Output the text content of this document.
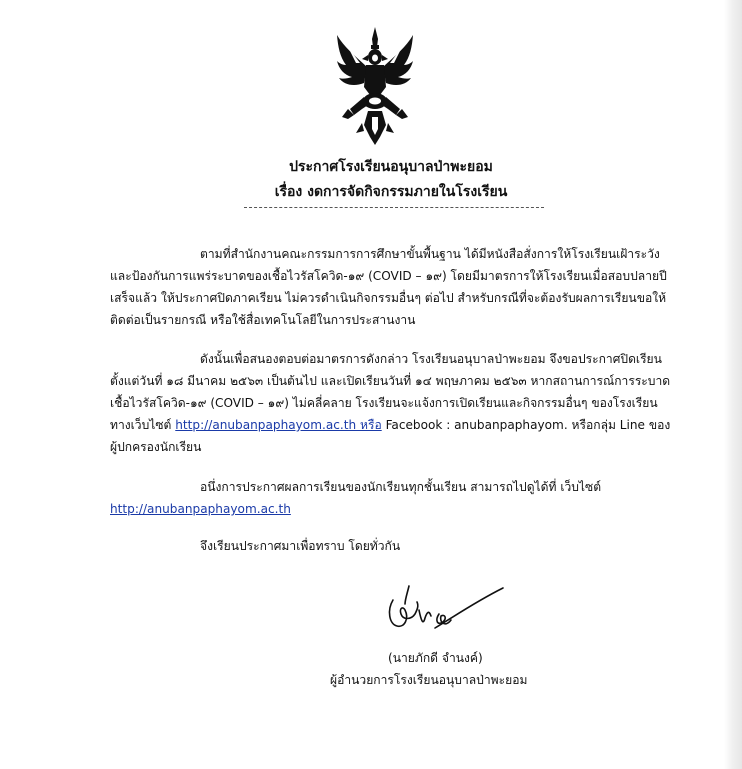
ประกาศโรงเรียนอนุบาลป่าพะยอม
เรื่อง งดการจัดกิจกรรมภายในโรงเรียน

ตามที่สำนักงานคณะกรรมการการศึกษาขั้นพื้นฐาน ได้มีหนังสือสั่งการให้โรงเรียนเฝ้าระวังและป้องกันการแพร่ระบาดของเชื้อไวรัสโควิด-๑๙ (COVID – ๑๙) โดยมีมาตรการให้โรงเรียนเมื่อสอบปลายปีเสร็จแล้ว ให้ประกาศปิดภาคเรียน ไม่ควรดำเนินกิจกรรมอื่นๆ ต่อไป สำหรับกรณีที่จะต้องรับผลการเรียนขอให้ติดต่อเป็นรายกรณี หรือใช้สื่อเทคโนโลยีในการประสานงาน

ดังนั้นเพื่อสนองตอบต่อมาตรการดังกล่าว โรงเรียนอนุบาลป่าพะยอม จึงขอประกาศปิดเรียนตั้งแต่วันที่ ๑๘ มีนาคม ๒๕๖๓ เป็นต้นไป และเปิดเรียนวันที่ ๑๔ พฤษภาคม ๒๕๖๓ หากสถานการณ์การระบาดเชื้อไวรัสโควิด-๑๙ (COVID – ๑๙) ไม่คลี่คลาย โรงเรียนจะแจ้งการเปิดเรียนและกิจกรรมอื่นๆ ของโรงเรียนทางเว็บไซต์ http://anubanpaphayom.ac.th หรือ Facebook : anubanpaphayom. หรือกลุ่ม Line ของผู้ปกครองนักเรียน

อนึ่งการประกาศผลการเรียนของนักเรียนทุกชั้นเรียน สามารถไปดูได้ที่ เว็บไซต์ http://anubanpaphayom.ac.th

จึงเรียนประกาศมาเพื่อทราบ โดยทั่วกัน

(นายภักดี จำนงค์)
ผู้อำนวยการโรงเรียนอนุบาลป่าพะยอม
